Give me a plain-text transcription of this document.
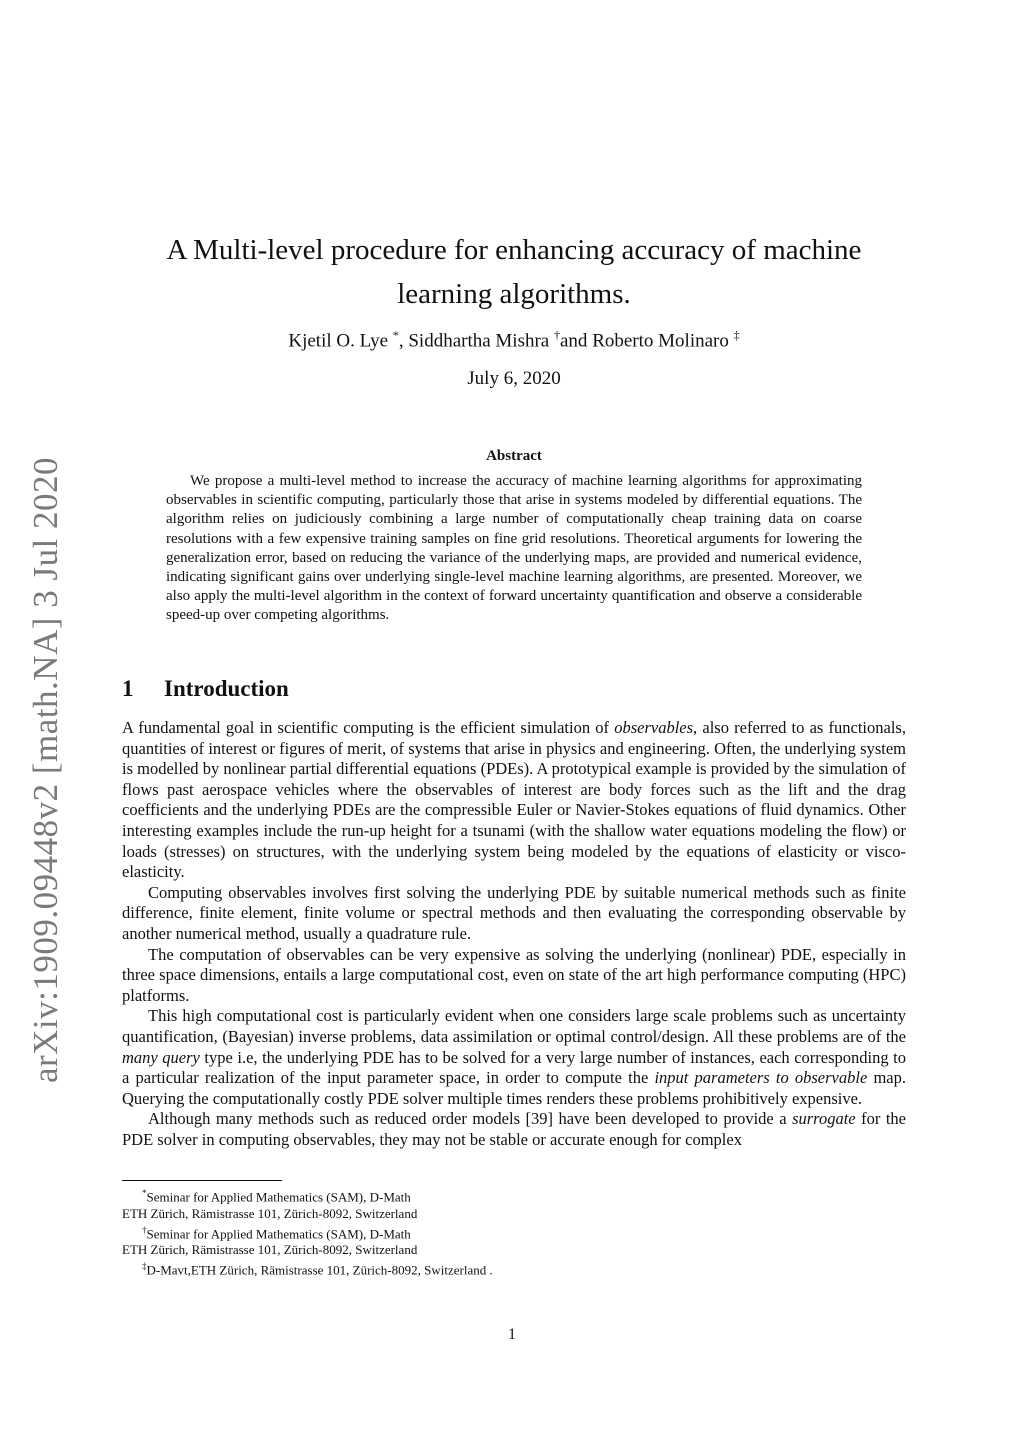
arXiv:1909.09448v2 [math.NA] 3 Jul 2020
A Multi-level procedure for enhancing accuracy of machine learning algorithms.
Kjetil O. Lye *, Siddhartha Mishra †and Roberto Molinaro ‡
July 6, 2020
Abstract

We propose a multi-level method to increase the accuracy of machine learning algorithms for approximating observables in scientific computing, particularly those that arise in systems modeled by differential equations. The algorithm relies on judiciously combining a large number of computationally cheap training data on coarse resolutions with a few expensive training samples on fine grid resolutions. Theoretical arguments for lowering the generalization error, based on reducing the variance of the underlying maps, are provided and numerical evidence, indicating significant gains over underlying single-level machine learning algorithms, are presented. Moreover, we also apply the multi-level algorithm in the context of forward uncertainty quantification and observe a considerable speed-up over competing algorithms.

1 Introduction

A fundamental goal in scientific computing is the efficient simulation of observables, also referred to as functionals, quantities of interest or figures of merit, of systems that arise in physics and engineering. Often, the underlying system is modelled by nonlinear partial differential equations (PDEs). A prototypical example is provided by the simulation of flows past aerospace vehicles where the observables of interest are body forces such as the lift and the drag coefficients and the underlying PDEs are the compressible Euler or Navier-Stokes equations of fluid dynamics. Other interesting examples include the run-up height for a tsunami (with the shallow water equations modeling the flow) or loads (stresses) on structures, with the underlying system being modeled by the equations of elasticity or visco-elasticity.

Computing observables involves first solving the underlying PDE by suitable numerical methods such as finite difference, finite element, finite volume or spectral methods and then evaluating the corresponding observable by another numerical method, usually a quadrature rule.

The computation of observables can be very expensive as solving the underlying (nonlinear) PDE, especially in three space dimensions, entails a large computational cost, even on state of the art high performance computing (HPC) platforms.

This high computational cost is particularly evident when one considers large scale problems such as uncertainty quantification, (Bayesian) inverse problems, data assimilation or optimal control/design. All these problems are of the many query type i.e, the underlying PDE has to be solved for a very large number of instances, each corresponding to a particular realization of the input parameter space, in order to compute the input parameters to observable map. Querying the computationally costly PDE solver multiple times renders these problems prohibitively expensive.

Although many methods such as reduced order models [39] have been developed to provide a surrogate for the PDE solver in computing observables, they may not be stable or accurate enough for complex

*Seminar for Applied Mathematics (SAM), D-Math
ETH Zürich, Rämistrasse 101, Zürich-8092, Switzerland
†Seminar for Applied Mathematics (SAM), D-Math
ETH Zürich, Rämistrasse 101, Zürich-8092, Switzerland
‡D-Mavt,ETH Zürich, Rämistrasse 101, Zürich-8092, Switzerland .
1
